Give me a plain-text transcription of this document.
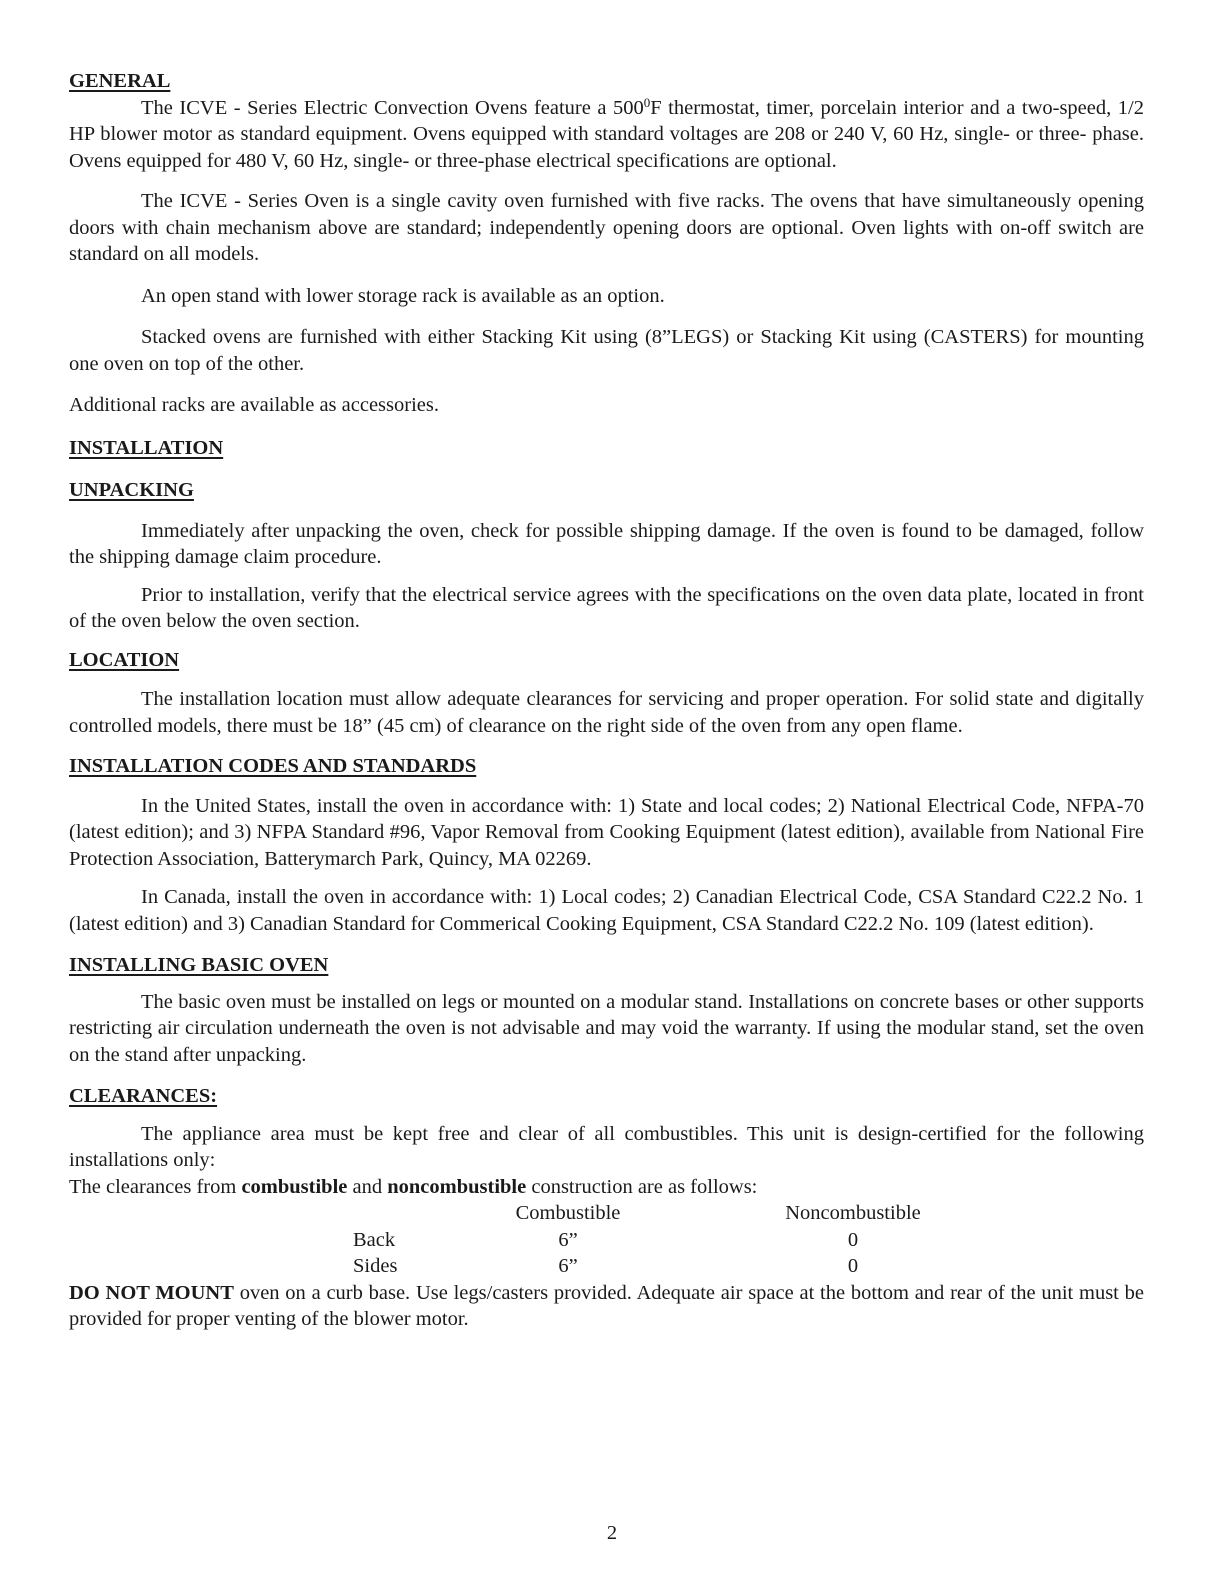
GENERAL

The ICVE - Series Electric Convection Ovens feature a $500^0F$ thermostat, timer, porcelain interior and a two-speed, 1/2 HP blower motor as standard equipment. Ovens equipped with standard voltages are 208 or 240 V, 60 Hz, single- or three- phase. Ovens equipped for 480 V, 60 Hz, single- or three-phase electrical specifications are optional.

The ICVE - Series Oven is a single cavity oven furnished with five racks. The ovens that have simultaneously opening doors with chain mechanism above are standard; independently opening doors are optional. Oven lights with on-off switch are standard on all models.

An open stand with lower storage rack is available as an option.

Stacked ovens are furnished with either Stacking Kit using (8”LEGS) or Stacking Kit using (CASTERS) for mounting one oven on top of the other.

Additional racks are available as accessories.

INSTALLATION

UNPACKING

Immediately after unpacking the oven, check for possible shipping damage. If the oven is found to be damaged, follow the shipping damage claim procedure.

Prior to installation, verify that the electrical service agrees with the specifications on the oven data plate, located in front of the oven below the oven section.

LOCATION

The installation location must allow adequate clearances for servicing and proper operation. For solid state and digitally controlled models, there must be 18” (45 cm) of clearance on the right side of the oven from any open flame.

INSTALLATION CODES AND STANDARDS

In the United States, install the oven in accordance with: 1) State and local codes; 2) National Electrical Code, NFPA-70 (latest edition); and 3) NFPA Standard #96, Vapor Removal from Cooking Equipment (latest edition), available from National Fire Protection Association, Batterymarch Park, Quincy, MA 02269.

In Canada, install the oven in accordance with: 1) Local codes; 2) Canadian Electrical Code, CSA Standard C22.2 No. 1 (latest edition) and 3) Canadian Standard for Commerical Cooking Equipment, CSA Standard C22.2 No. 109 (latest edition).

INSTALLING BASIC OVEN

The basic oven must be installed on legs or mounted on a modular stand. Installations on concrete bases or other supports restricting air circulation underneath the oven is not advisable and may void the warranty. If using the modular stand, set the oven on the stand after unpacking.

CLEARANCES:

The appliance area must be kept free and clear of all combustibles. This unit is design-certified for the following installations only:

The clearances from combustible and noncombustible construction are as follows:

	Combustible	Noncombustible
Back	6”	0
Sides	6”	0

DO NOT MOUNT oven on a curb base. Use legs/casters provided. Adequate air space at the bottom and rear of the unit must be provided for proper venting of the blower motor.

2
